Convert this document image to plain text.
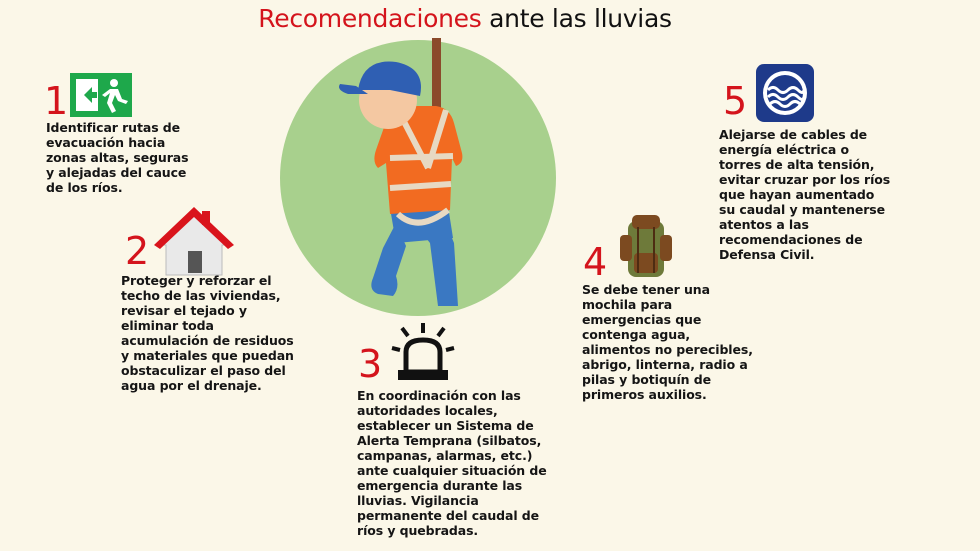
Recomendaciones ante las lluvias
1
Identificar rutas de
evacuación hacia
zonas altas, seguras
y alejadas del cauce
de los ríos.
2
Proteger y reforzar el
techo de las viviendas,
revisar el tejado y
eliminar toda
acumulación de residuos
y materiales que puedan
obstaculizar el paso del
agua por el drenaje.	3
En coordinación con las
autoridades locales,
establecer un Sistema de
Alerta Temprana (silbatos,
campanas, alarmas, etc.)
ante cualquier situación de
emergencia durante las
lluvias. Vigilancia
permanente del caudal de
ríos y quebradas.
4
Se debe tener una
mochila para
emergencias que
contenga agua,
alimentos no perecibles,
abrigo, linterna, radio a
pilas y botiquín de
primeros auxilios.
5
Alejarse de cables de
energía eléctrica o
torres de alta tensión,
evitar cruzar por los ríos
que hayan aumentado
su caudal y mantenerse
atentos a las
recomendaciones de
Defensa Civil.
